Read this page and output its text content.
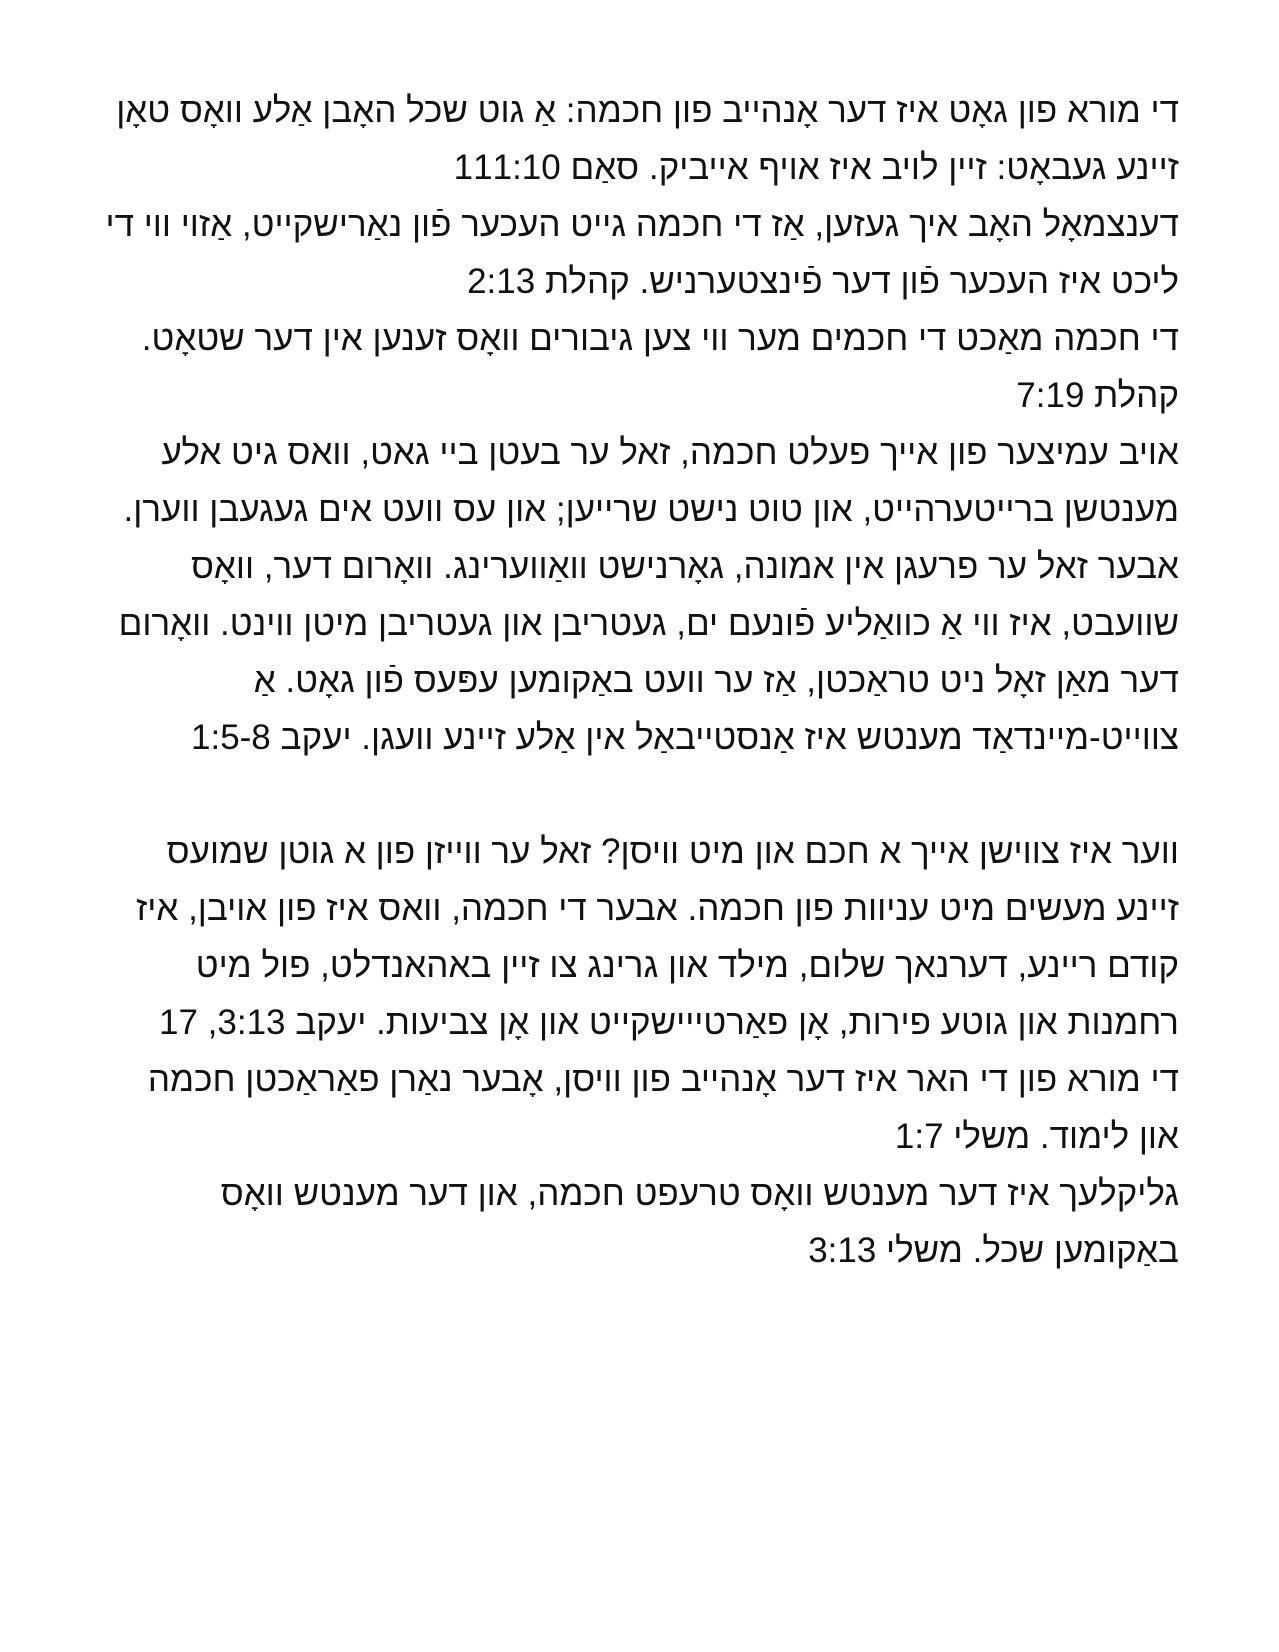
די מורא פון גאָט איז דער אָנהייב פון חכמה: אַ גוט שכל האָבן אַלע וואָס טאָן זיינע געבאָט: זיין לויב איז אויף אייביק. סאַם 111:10

דענצמאָל האָב איך געזען, אַז די חכמה גייט העכער פֿון נאַרישקייט, אַזוי ווי די ליכט איז העכער פֿון דער פֿינצטערניש. קהלת 2:13

די חכמה מאַכט די חכמים מער ווי צען גיבורים וואָס זענען אין דער שטאָט. קהלת 7:19

אויב עמיצער פון אייך פעלט חכמה, זאל ער בעטן ביי גאט, וואס גיט אלע מענטשן ברייטערהייט, און טוט נישט שרייען; און עס וועט אים געגעבן ווערן. אבער זאל ער פרעגן אין אמונה, גאָרנישט וואַווערינג. וואָרום דער, וואָס שוועבט, איז ווי אַ כוואַליע פֿונעם ים, געטריבן און געטריבן מיטן ווינט. וואָרום דער מאַן זאָל ניט טראַכטן, אַז ער וועט באַקומען עפּעס פֿון גאָט. אַ צווייט-מיינדאַד מענטש איז אַנסטייבאַל אין אַלע זיינע וועגן. יעקב 1:5-8

ווער איז צווישן אייך א חכם און מיט וויסן? זאל ער ווייזן פון א גוטן שמועס זיינע מעשים מיט עניוות פון חכמה. אבער די חכמה, וואס איז פון אויבן, איז קודם ריינע, דערנאך שלום, מילד און גרינג צו זיין באהאנדלט, פול מיט רחמנות און גוטע פירות, אָן פאַרטייישקייט און אָן צביעות. יעקב 3:13, 17

די מורא פון די האר איז דער אָנהייב פון וויסן, אָבער נאַרן פאַראַכטן חכמה און לימוד. משלי 1:7

גליקלעך איז דער מענטש וואָס טרעפט חכמה, און דער מענטש וואָס באַקומען שכל. משלי 3:13
